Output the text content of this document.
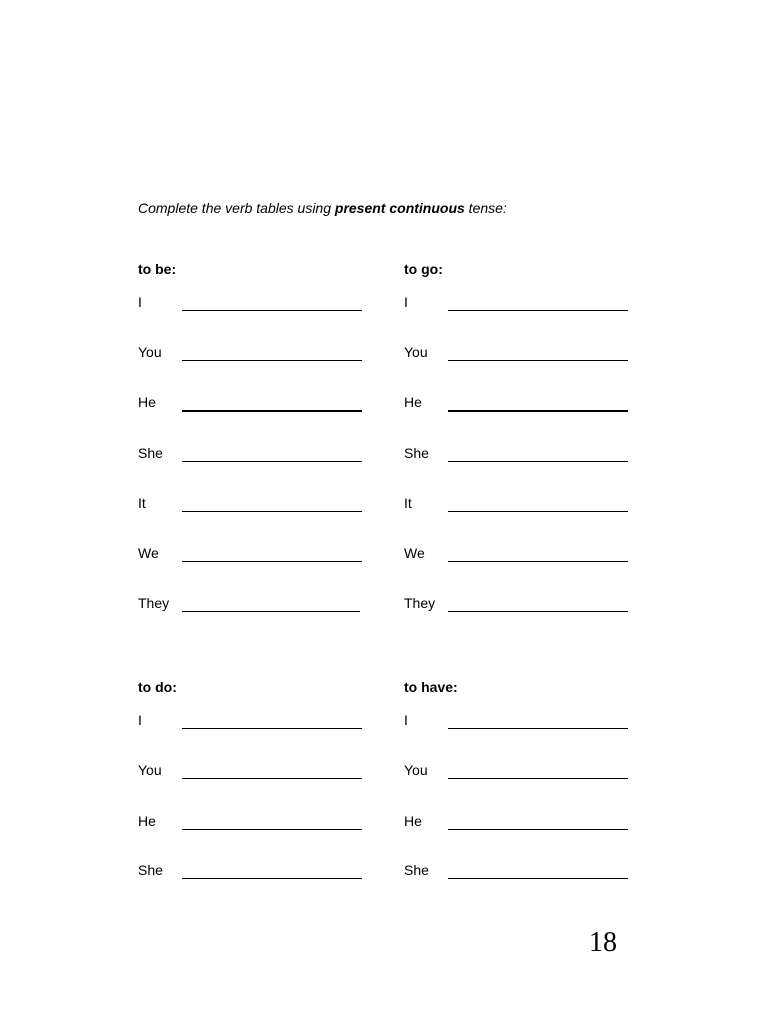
Complete the verb tables using present continuous tense:
to be:
I
You
He
She
It
We
They
to go:
I
You
He
She
It
We
They
to do:
I
You
He
She
to have:
I
You
He
She
18
